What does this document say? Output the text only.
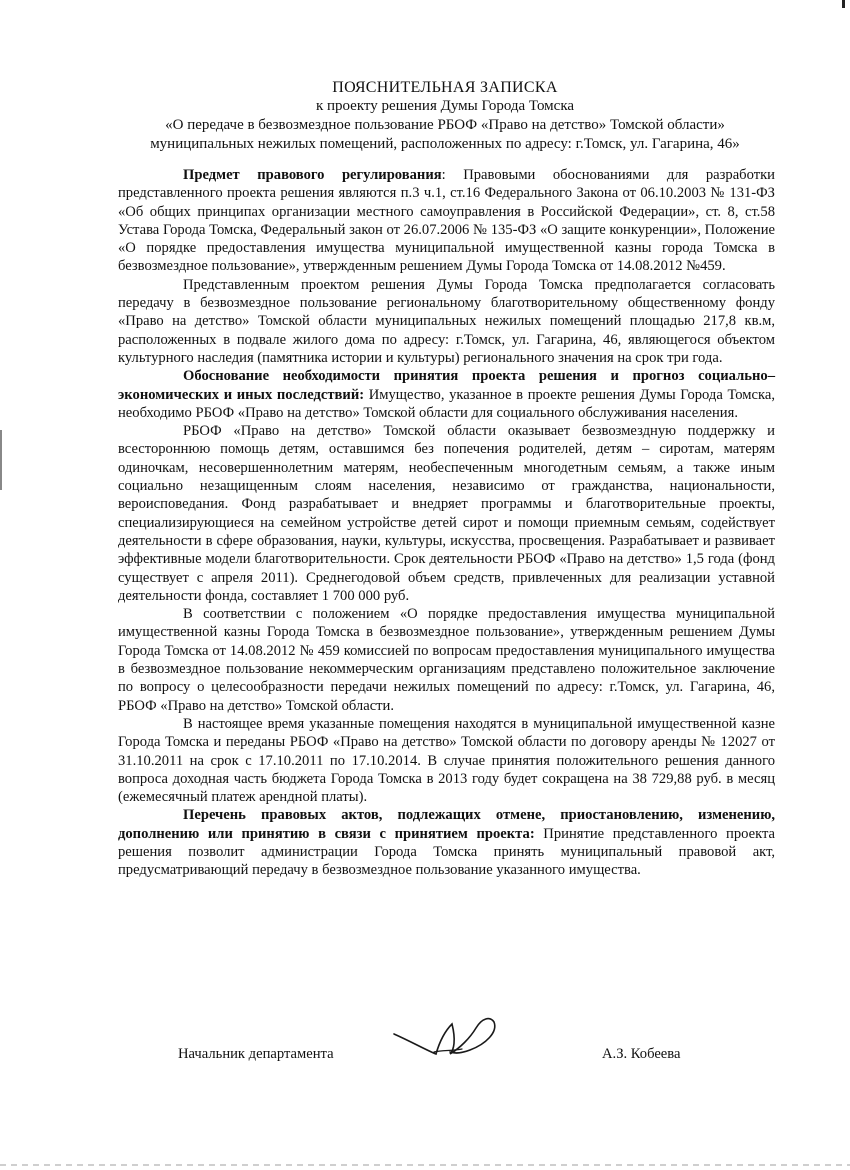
ПОЯСНИТЕЛЬНАЯ ЗАПИСКА
к проекту решения Думы Города Томска
«О передаче в безвозмездное пользование РБОФ «Право на детство» Томской области»
муниципальных нежилых помещений, расположенных по адресу: г.Томск, ул. Гагарина, 46»

Предмет правового регулирования: Правовыми обоснованиями для разработки представленного проекта решения являются п.3 ч.1, ст.16 Федерального Закона от 06.10.2003 № 131-ФЗ «Об общих принципах организации местного самоуправления в Российской Федерации», ст. 8, ст.58 Устава Города Томска, Федеральный закон от 26.07.2006 № 135-ФЗ «О защите конкуренции», Положение «О порядке предоставления имущества муниципальной имущественной казны города Томска в безвозмездное пользование», утвержденным решением Думы Города Томска от 14.08.2012 №459.

Представленным проектом решения Думы Города Томска предполагается согласовать передачу в безвозмездное пользование региональному благотворительному общественному фонду «Право на детство» Томской области муниципальных нежилых помещений площадью 217,8 кв.м, расположенных в подвале жилого дома по адресу: г.Томск, ул. Гагарина, 46, являющегося объектом культурного наследия (памятника истории и культуры) регионального значения на срок три года.

Обоснование необходимости принятия проекта решения и прогноз социально–экономических и иных последствий: Имущество, указанное в проекте решения Думы Города Томска, необходимо РБОФ «Право на детство» Томской области для социального обслуживания населения.

РБОФ «Право на детство» Томской области оказывает безвозмездную поддержку и всестороннюю помощь детям, оставшимся без попечения родителей, детям – сиротам, матерям одиночкам, несовершеннолетним матерям, необеспеченным многодетным семьям, а также иным социально незащищенным слоям населения, независимо от гражданства, национальности, вероисповедания. Фонд разрабатывает и внедряет программы и благотворительные проекты, специализирующиеся на семейном устройстве детей сирот и помощи приемным семьям, содействует деятельности в сфере образования, науки, культуры, искусства, просвещения. Разрабатывает и развивает эффективные модели благотворительности. Срок деятельности РБОФ «Право на детство» 1,5 года (фонд существует с апреля 2011). Среднегодовой объем средств, привлеченных для реализации уставной деятельности фонда, составляет 1 700 000 руб.

В соответствии с положением «О порядке предоставления имущества муниципальной имущественной казны Города Томска в безвозмездное пользование», утвержденным решением Думы Города Томска от 14.08.2012 № 459 комиссией по вопросам предоставления муниципального имущества в безвозмездное пользование некоммерческим организациям представлено положительное заключение по вопросу о целесообразности передачи нежилых помещений по адресу: г.Томск, ул. Гагарина, 46, РБОФ «Право на детство» Томской области.

В настоящее время указанные помещения находятся в муниципальной имущественной казне Города Томска и переданы РБОФ «Право на детство» Томской области по договору аренды № 12027 от 31.10.2011 на срок с 17.10.2011 по 17.10.2014. В случае принятия положительного решения данного вопроса доходная часть бюджета Города Томска в 2013 году будет сокращена на 38 729,88 руб. в месяц (ежемесячный платеж арендной платы).

Перечень правовых актов, подлежащих отмене, приостановлению, изменению, дополнению или принятию в связи с принятием проекта: Принятие представленного проекта решения позволит администрации Города Томска принять муниципальный правовой акт, предусматривающий передачу в безвозмездное пользование указанного имущества.

Начальник департамента	А.З. Кобеева
